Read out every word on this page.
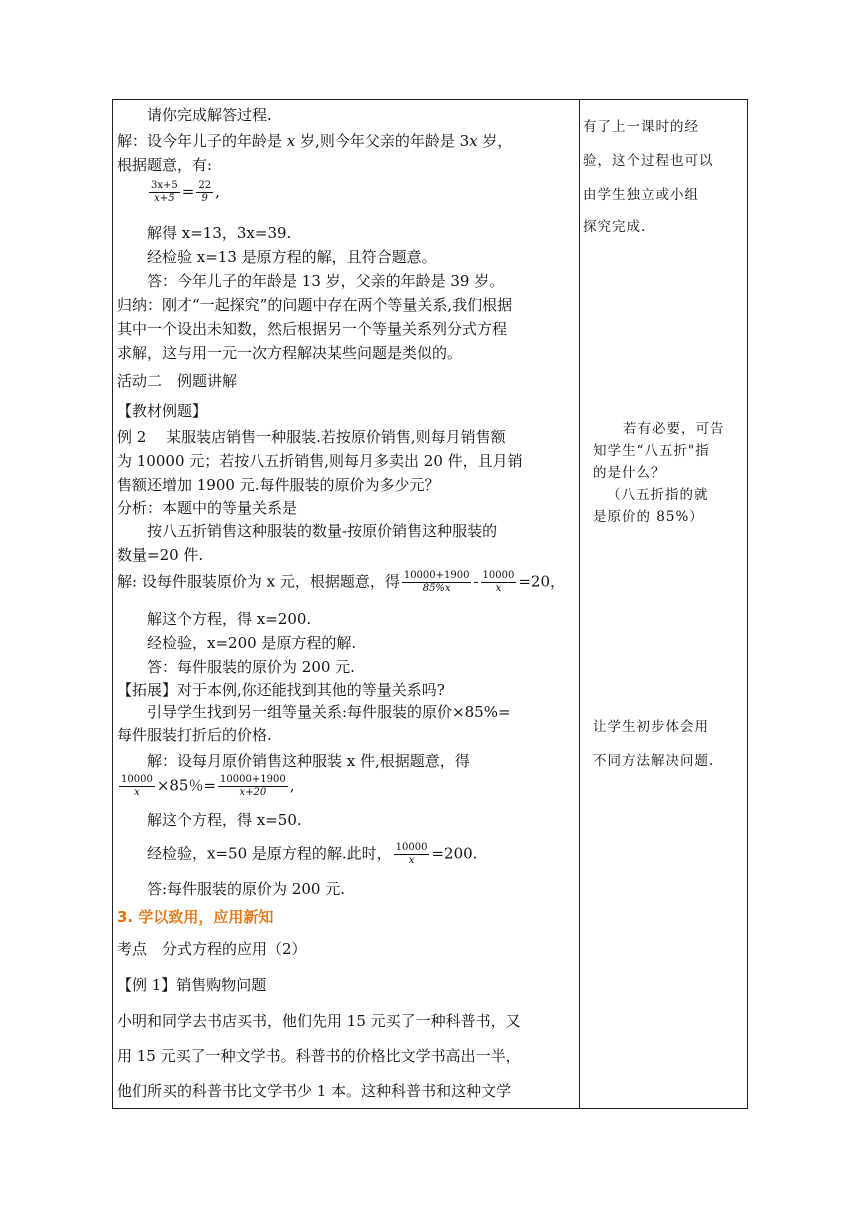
请你完成解答过程.
解：设今年儿子的年龄是 x 岁,则今年父亲的年龄是 3x 岁，
根据题意，有:
$\frac{3x+5}{x+5} = \frac{22}{9}$ ,
解得 x=13，3x=39.
经检验 x=13 是原方程的解，且符合题意。
答：今年儿子的年龄是 13 岁，父亲的年龄是 39 岁。
归纳：刚才“一起探究”的问题中存在两个等量关系,我们根据
其中一个设出未知数，然后根据另一个等量关系列分式方程
求解，这与用一元一次方程解决某些问题是类似的。
活动二　例题讲解
【教材例题】
例 2　 某服装店销售一种服装.若按原价销售,则每月销售额
为 10000 元；若按八五折销售,则每月多卖出 20 件，且月销
售额还增加 1900 元.每件服装的原价为多少元？
分析：本题中的等量关系是
按八五折销售这种服装的数量-按原价销售这种服装的
数量=20 件.
解: 设每件服装原价为 x 元，根据题意，得 $\frac{10000+1900}{85\%x} - \frac{10000}{x} =20$，
解这个方程，得 x=200.
经检验，x=200 是原方程的解.
答：每件服装的原价为 200 元.
【拓展】对于本例,你还能找到其他的等量关系吗?
引导学生找到另一组等量关系:每件服装的原价×85%=
每件服装打折后的价格.
解：设每月原价销售这种服装 x 件,根据题意，得
$\frac{10000}{x} \times 85$％= $\frac{10000+1900}{x+20}$ ,
解这个方程，得 x=50.
经检验，x=50 是原方程的解.此时， $\frac{10000}{x} =200$.
答:每件服装的原价为 200 元.
3. 学以致用，应用新知
考点　分式方程的应用（2）
【例 1】销售购物问题
小明和同学去书店买书，他们先用 15 元买了一种科普书，又
用 15 元买了一种文学书。科普书的价格比文学书高出一半，
他们所买的科普书比文学书少 1 本。这种科普书和这种文学
有了上一课时的经
验，这个过程也可以
由学生独立或小组
探究完成.
若有必要，可告
知学生“八五折"指
的是什么？
（八五折指的就
是原价的 85%）
让学生初步体会用
不同方法解决问题.
